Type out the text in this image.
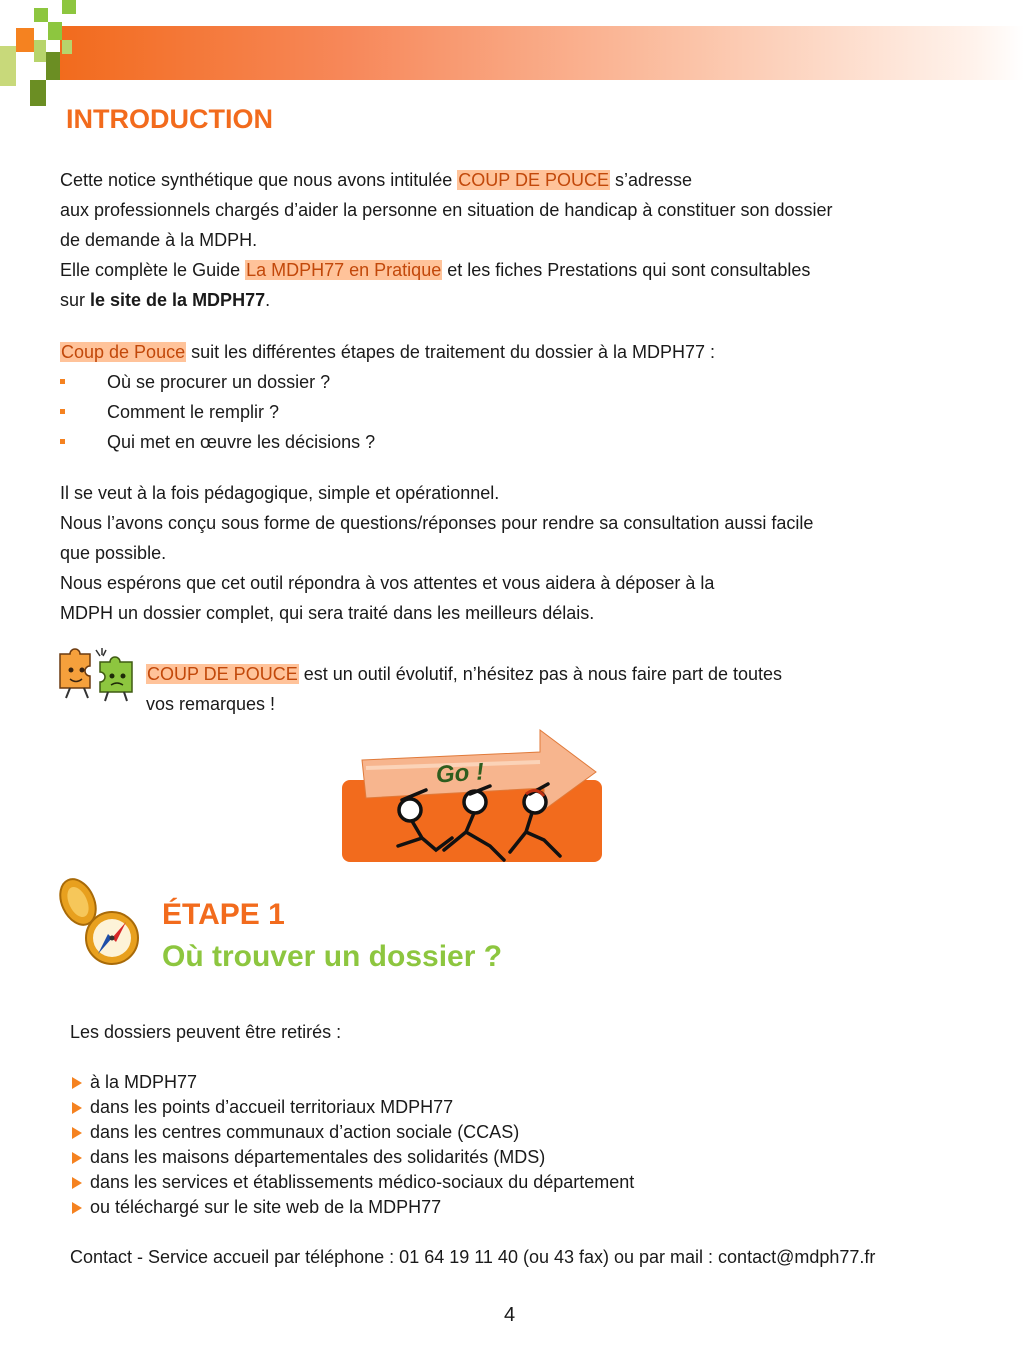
INTRODUCTION

Cette notice synthétique que nous avons intitulée COUP DE POUCE s’adresse

aux professionnels chargés d’aider la personne en situation de handicap à constituer son dossier

de demande à la MDPH.

Elle complète le Guide La MDPH77 en Pratique et les fiches Prestations qui sont consultables

sur le site de la MDPH77.

Coup de Pouce suit les différentes étapes de traitement du dossier à la MDPH77 :

Où se procurer un dossier ?

Comment le remplir ?

Qui met en œuvre les décisions ?

Il se veut à la fois pédagogique, simple et opérationnel.

Nous l’avons conçu sous forme de questions/réponses pour rendre sa consultation aussi facile

que possible.

Nous espérons que cet outil répondra à vos attentes et vous aidera à déposer à la

MDPH un dossier complet, qui sera traité dans les meilleurs délais.

COUP DE POUCE est un outil évolutif, n’hésitez pas à nous faire part de toutes

vos remarques !

Go !
ÉTAPE 1
Où trouver un dossier ?
Les dossiers peuvent être retirés :
à la MDPH77
dans les points d’accueil territoriaux MDPH77
dans les centres communaux d’action sociale (CCAS)
dans les maisons départementales des solidarités (MDS)
dans les services et établissements médico-sociaux du département
ou téléchargé sur le site web de la MDPH77
Contact - Service accueil par téléphone : 01 64 19 11 40 (ou 43 fax) ou par mail : contact@mdph77.fr
4
